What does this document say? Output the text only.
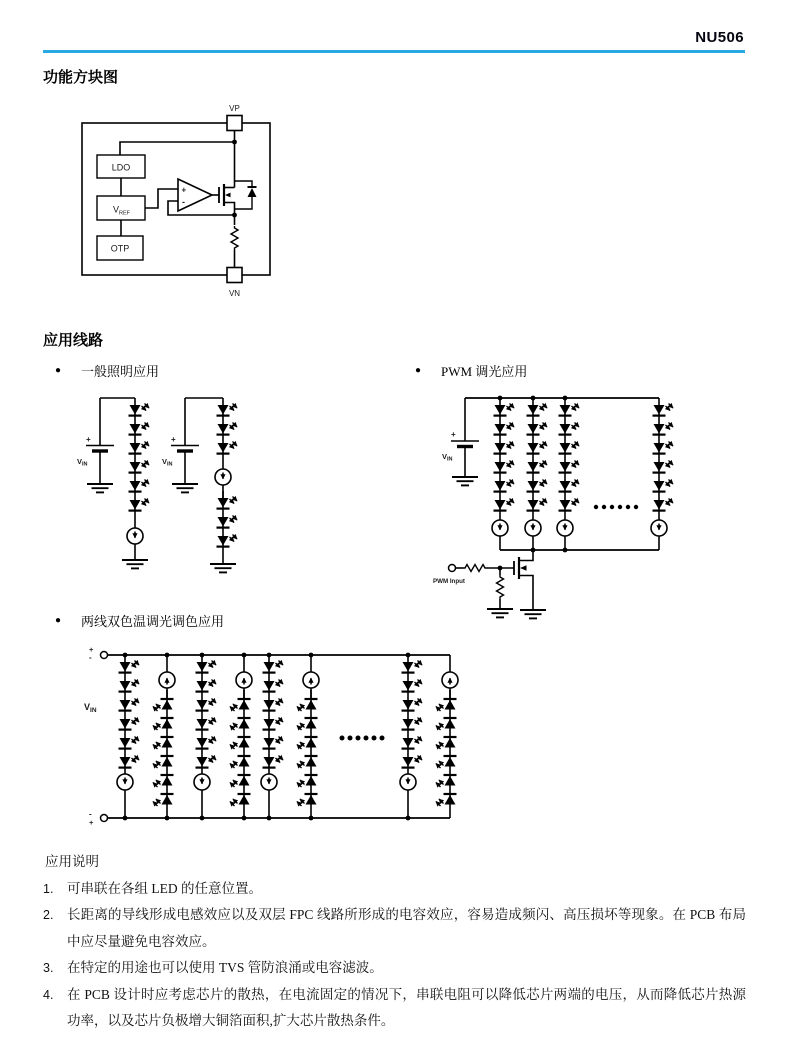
NU506
功能方块图
VP
LDO
$V_{REF}$
OTP
+
-
VN
应用线路
● 一般照明应用	● PWM 调光应用
+
$V_{IN}$
+
$V_{IN}$
+
$V_{IN}$
PWM Input
● 两线双色温调光调色应用
+
-
-
+
$V_{IN}$

应用说明

1.	可串联在各组 LED 的任意位置。
2.	长距离的导线形成电感效应以及双层 FPC 线路所形成的电容效应，容易造成频闪、高压损坏等现象。在 PCB 布局中应尽量避免电容效应。
3.	在特定的用途也可以使用 TVS 管防浪涌或电容滤波。
4.	在 PCB 设计时应考虑芯片的散热，在电流固定的情况下，串联电阻可以降低芯片两端的电压，从而降低芯片热源功率，以及芯片负极增大铜箔面积,扩大芯片散热条件。
